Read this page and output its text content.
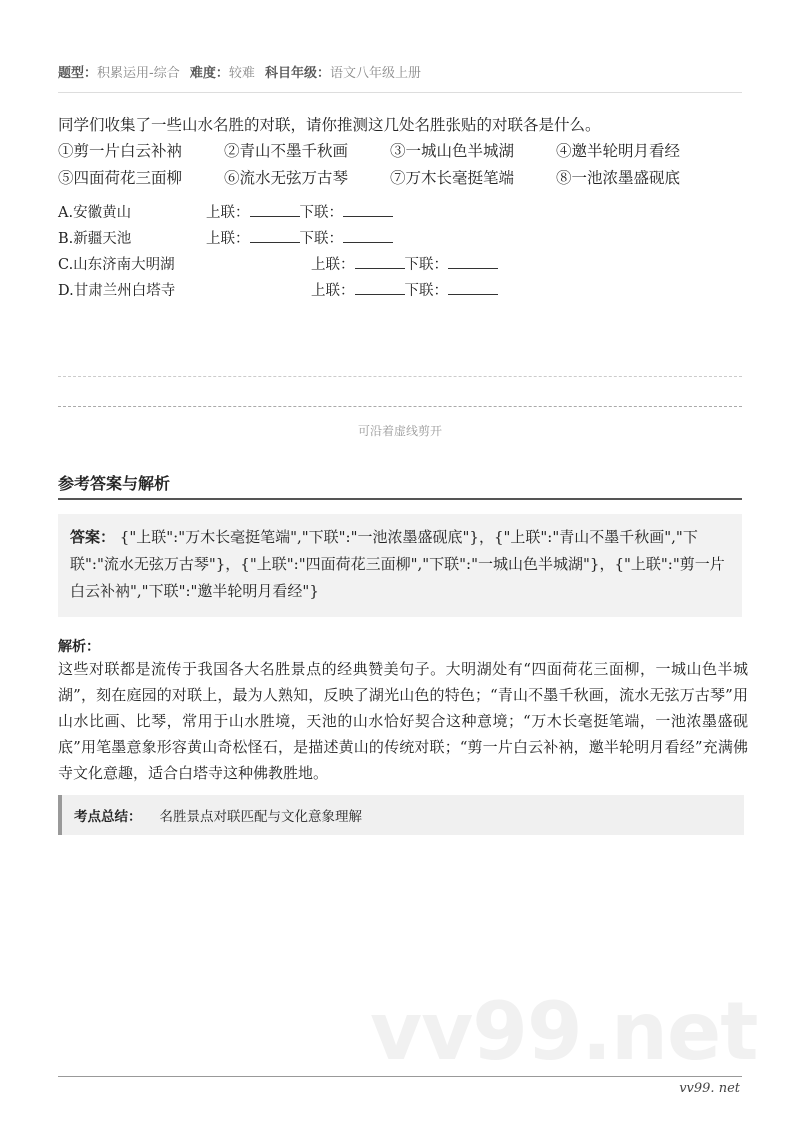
题型：积累运用-综合 难度：较难 科目年级：语文八年级上册
同学们收集了一些山水名胜的对联，请你推测这几处名胜张贴的对联各是什么。
①剪一片白云补衲	②青山不墨千秋画	③一城山色半城湖	④邀半轮明月看经
⑤四面荷花三面柳	⑥流水无弦万古琴	⑦万木长毫挺笔端	⑧一池浓墨盛砚底
A.安徽黄山	上联：	下联：
B.新疆天池	上联：	下联：
C.山东济南大明湖	上联：	下联：
D.甘肃兰州白塔寺	上联：	下联：
可沿着虚线剪开
参考答案与解析
答案： {"上联":"万木长毫挺笔端","下联":"一池浓墨盛砚底"}，{"上联":"青山不墨千秋画","下联":"流水无弦万古琴"}，{"上联":"四面荷花三面柳","下联":"一城山色半城湖"}，{"上联":"剪一片白云补衲","下联":"邀半轮明月看经"}
解析：
这些对联都是流传于我国各大名胜景点的经典赞美句子。大明湖处有“四面荷花三面柳，一城山色半城湖”，刻在庭园的对联上，最为人熟知，反映了湖光山色的特色；“青山不墨千秋画，流水无弦万古琴”用山水比画、比琴，常用于山水胜境，天池的山水恰好契合这种意境；“万木长毫挺笔端，一池浓墨盛砚底”用笔墨意象形容黄山奇松怪石，是描述黄山的传统对联；“剪一片白云补衲，邀半轮明月看经”充满佛寺文化意趣，适合白塔寺这种佛教胜地。
考点总结： 名胜景点对联匹配与文化意象理解
vv99.net
vv99. net
